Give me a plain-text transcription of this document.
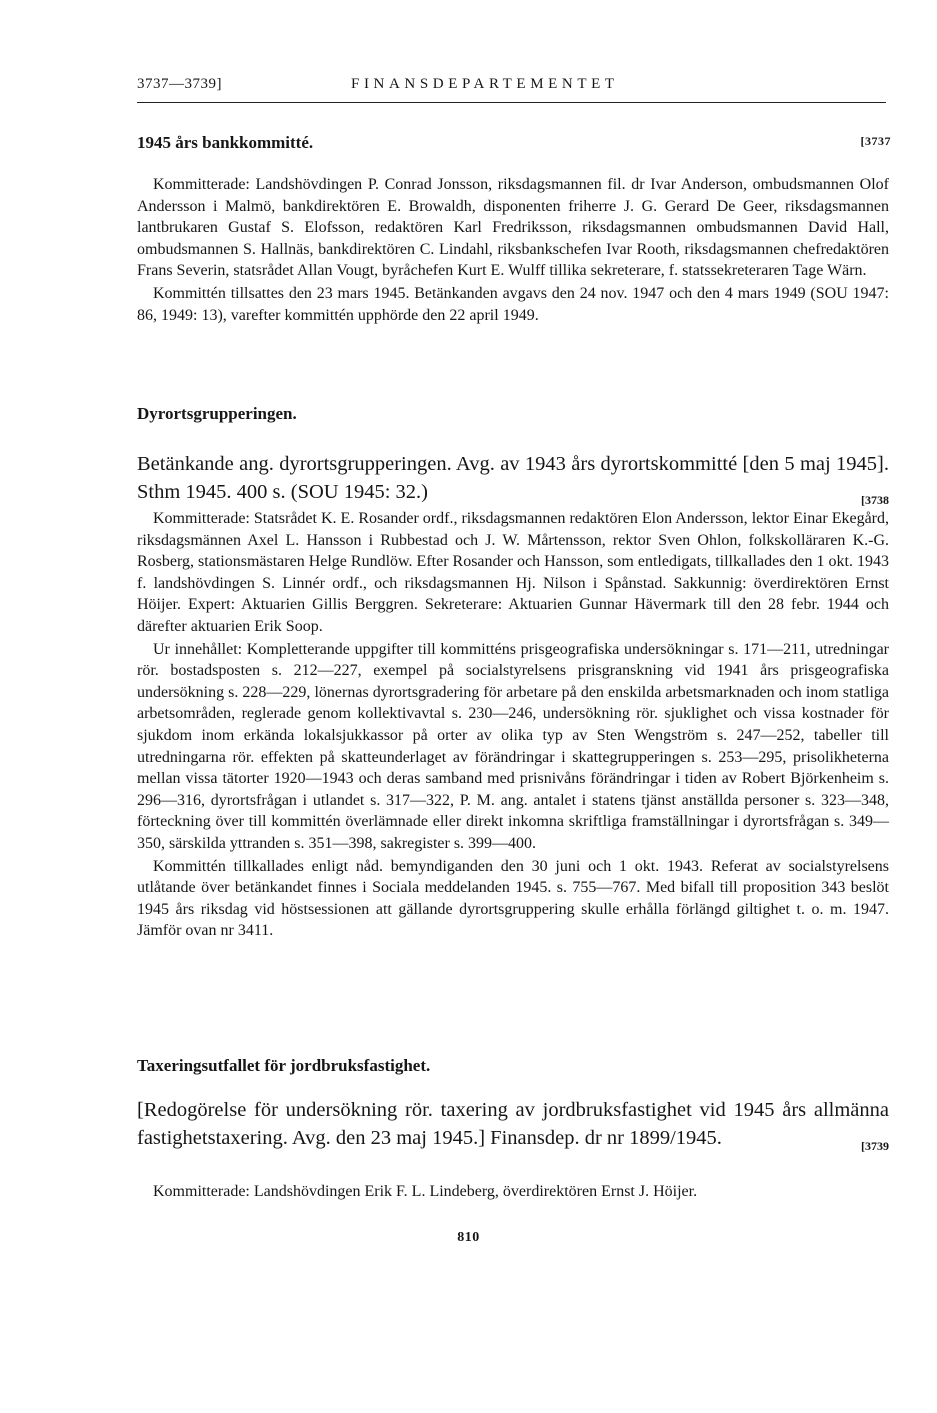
3737—3739]	FINANSDEPARTEMENTET
1945 års bankkommitté.	[3737

Kommitterade: Landshövdingen P. Conrad Jonsson, riksdagsmannen fil. dr Ivar Anderson, ombudsmannen Olof Andersson i Malmö, bankdirektören E. Browaldh, disponenten friherre J. G. Gerard De Geer, riksdagsmannen lantbrukaren Gustaf S. Elofsson, redaktören Karl Fredriksson, riksdagsmannen ombudsmannen David Hall, ombudsmannen S. Hallnäs, bankdirektören C. Lindahl, riksbankschefen Ivar Rooth, riksdagsmannen chefredaktören Frans Severin, statsrådet Allan Vougt, byråchefen Kurt E. Wulff tillika sekreterare, f. statssekreteraren Tage Wärn.

Kommittén tillsattes den 23 mars 1945. Betänkanden avgavs den 24 nov. 1947 och den 4 mars 1949 (SOU 1947: 86, 1949: 13), varefter kommittén upphörde den 22 april 1949.

Dyrortsgrupperingen.

Betänkande ang. dyrortsgrupperingen. Avg. av 1943 års dyrortskommitté [den 5 maj 1945]. Sthm 1945. 400 s. (SOU 1945: 32.)	[3738

Kommitterade: Statsrådet K. E. Rosander ordf., riksdagsmannen redaktören Elon Andersson, lektor Einar Ekegård, riksdagsmännen Axel L. Hansson i Rubbestad och J. W. Mårtensson, rektor Sven Ohlon, folkskolläraren K.-G. Rosberg, stationsmästaren Helge Rundlöw. Efter Rosander och Hansson, som entledigats, tillkallades den 1 okt. 1943 f. landshövdingen S. Linnér ordf., och riksdagsmannen Hj. Nilson i Spånstad. Sakkunnig: överdirektören Ernst Höijer. Expert: Aktuarien Gillis Berggren. Sekreterare: Aktuarien Gunnar Hävermark till den 28 febr. 1944 och därefter aktuarien Erik Soop.

Ur innehållet: Kompletterande uppgifter till kommitténs prisgeografiska undersökningar s. 171—211, utredningar rör. bostadsposten s. 212—227, exempel på socialstyrelsens prisgranskning vid 1941 års prisgeografiska undersökning s. 228—229, lönernas dyrortsgradering för arbetare på den enskilda arbetsmarknaden och inom statliga arbetsområden, reglerade genom kollektivavtal s. 230—246, undersökning rör. sjuklighet och vissa kostnader för sjukdom inom erkända lokalsjukkassor på orter av olika typ av Sten Wengström s. 247—252, tabeller till utredningarna rör. effekten på skatteunderlaget av förändringar i skattegrupperingen s. 253—295, prisolikheterna mellan vissa tätorter 1920—1943 och deras samband med prisnivåns förändringar i tiden av Robert Björkenheim s. 296—316, dyrortsfrågan i utlandet s. 317—322, P. M. ang. antalet i statens tjänst anställda personer s. 323—348, förteckning över till kommittén överlämnade eller direkt inkomna skriftliga framställningar i dyrortsfrågan s. 349—350, särskilda yttranden s. 351—398, sakregister s. 399—400.

Kommittén tillkallades enligt nåd. bemyndiganden den 30 juni och 1 okt. 1943. Referat av socialstyrelsens utlåtande över betänkandet finnes i Sociala meddelanden 1945. s. 755—767. Med bifall till proposition 343 beslöt 1945 års riksdag vid höstsessionen att gällande dyrortsgruppering skulle erhålla förlängd giltighet t. o. m. 1947. Jämför ovan nr 3411.

Taxeringsutfallet för jordbruksfastighet.

[Redogörelse för undersökning rör. taxering av jordbruksfastighet vid 1945 års allmänna fastighetstaxering. Avg. den 23 maj 1945.] Finansdep. dr nr 1899/1945.	[3739

Kommitterade: Landshövdingen Erik F. L. Lindeberg, överdirektören Ernst J. Höijer.

810
